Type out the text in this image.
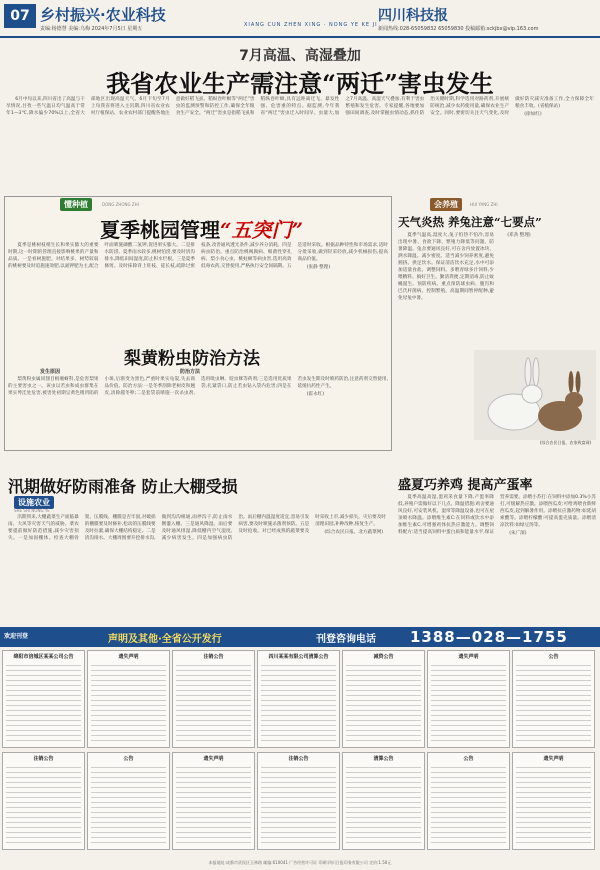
07 乡村振兴·农业科技
XIANG CUN ZHEN XING · NONG YE KE JI
四川科技报
责编:杨德慧 美编:乌梅 2024年7月5日 星期五	新闻热线:028-65059832 65059830 投稿邮箱:sckjbx@vip.163.com
7月高温、高湿叠加
我省农业生产需注意“两迁”害虫发生

6月中旬以来,四川省出了高温与干旱情况,甘孜一些气温日均气温高于常年1—3℃,降水偏少70%以上,全省大部地区出现高温天气。6月下旬至7月上旬我省将进入主汛期,四川省农业农村厅植保站、农业农村部门提醒各地注意做好稻飞虱、稻纵卷叶螟等“两迁”害虫的监测预警和防控工作,确保全年粮食生产安全。“两迁”害虫是指稻飞虱和稻纵卷叶螟,具有远距离迁飞、暴发性强、危害重的特点。据监测,今年我省“两迁”害虫迁入时间早、虫量大,加之7月高温、高湿天气叠加,有利于害虫繁殖和发生危害。专家提醒,各地要加强田间调查,及时掌握虫情动态,抓住防治关键时期,科学选用对路药剂,开展统防统治,减少农药使用量,确保农业生产安全。同时,要密切关注天气变化,及时做好防灾减灾准备工作,全力保障全年粮食丰收。(省植保站)

(徐如红)

懂种植	DONG ZHONG ZHI
夏季桃园管理“五突门”

夏季是桃树枝梢生长和果实膨大的重要时期,这一时期的管理直接影响桃果的产量和品质。一是看树施肥。对结果多、树势较弱的桃树要及时追施速效肥,以氮钾肥为主,配合叶面喷施磷酸二氢钾,促进果实膨大。二是排水防涝。夏季雨水较多,桃树怕涝,要及时清沟排水,降低田间湿度,防止积水烂根。三是夏季修剪。及时抹除背上旺枝、徒长枝,疏除过密枝条,改善通风透光条件,减少养分消耗。四是病虫防治。重点防治桃褐腐病、细菌性穿孔病、梨小食心虫、桃蛀螟等病虫害,选用高效低毒农药,交替使用,严格执行安全间隔期。五是适时采收。根据品种特性和市场需求,适时分批采收,做到轻采轻放,减少机械损伤,提高商品价值。

(张静 整理)

梨黄粉虫防治方法
发生原因	防治方法

梨黄粉虫属同翅目根瘤蚜科,是危害梨果的主要害虫之一。该虫以若虫和成虫群集在果实萼洼处危害,被害处初期呈黄色稍凹陷的小斑,后渐变为黑色,严重时果实龟裂,失去商品价值。防治方法:一是冬季刮除老树皮和翘皮,清除越冬卵;二是套袋前喷施一次杀虫剂,选用吡虫啉、啶虫脒等药剂;三是选用优质果袋,扎紧袋口,防止若虫钻入袋内危害;四是在若虫发生期及时喷药防治,注意药剂交替使用,延缓抗药性产生。

(霍永红)

会养殖	HUI YANG ZHI
天气炎热 养兔注意“七要点”

夏季气温高,湿度大,兔子怕热不怕冷,容易出现中暑、食欲下降、繁殖力降低等问题。防暑降温。兔舍要通风良好,可在舍内放置冰块、洒水降温。减少密度。适当减少饲养密度,避免拥挤。供足饮水。保证清洁饮水充足,水中可添加适量食盐。调整饲料。多喂青绿多汁饲料,少喂精料。搞好卫生。勤清粪便,定期消毒,防止蚊蝇滋生。预防疾病。重点预防球虫病、腹泻和巴氏杆菌病。控制繁殖。高温期间暂停配种,避免母兔中暑。

(邓劲 整理)

(综合农民日报、农家致富网)
汛期做好防雨准备 防止大棚受损
设施农业
SHE SHI NONG YE

汛期到来,大棚蔬菜生产面临暴雨、大风等灾害天气的威胁。菜农要提前做好防范措施,减少灾害损失。一是加固棚体。检查大棚骨架、压膜线、棚膜是否牢固,对破损的棚膜要及时修补,松动的压膜线要及时拉紧,确保大棚结构稳定。二是清沟排水。大棚周围要开挖排水沟,做到沟沟相通,雨停沟干,防止雨水倒灌入棚。三是通风降湿。雨后要及时通风排湿,降低棚内空气湿度,减少病害发生。四是加强病虫防治。雨后棚内温湿度适宜,容易引发病害,要及时喷施杀菌剂预防。五是及时抢收。对已经成熟的蔬菜要及时采收上市,减少损失。灾后要及时清理田园,补种改种,恢复生产。

(综合农民日报、北方蔬菜网)

盛夏巧养鸡 提高产蛋率

夏季高温高湿,蛋鸡采食量下降,产蛋率降低,养殖户需做好以下几点。降温措施:鸡舍要通风良好,可安装风机、湿帘等降温设备,也可在屋顶喷水降温。添喂维生素C:在饲料或饮水中添加维生素C,可增强鸡体抗热应激能力。调整饲料配方:适当提高饲料中蛋白质和能量水平,保证营养需要。添喂小苏打:在饲料中添加0.3%小苏打,可缓解热应激。添喂西瓜皮:可给鸡喂食新鲜西瓜皮,起到解暑作用。添喂抗应激药物:如延胡索酸等。添喂柠檬酸:可提高蛋壳质量。添喂清凉饮料:如绿豆汤等。

(朱广深)

欢迎刊登	声明及其他·全省公开发行	刊登咨询电话 1388—028—1755
绵阳市涪城区某某公司公告	遗失声明	注销公告	四川某某有限公司清算公告	减资公告	遗失声明	公告
注销公告	公告	遗失声明	注销公告	清算公告	公告	遗失声明
本报地址:成都市武侯区玉林路 邮编:610041 广告经营许可证 印刷:四川日报印务有限公司 定价:1.50元
